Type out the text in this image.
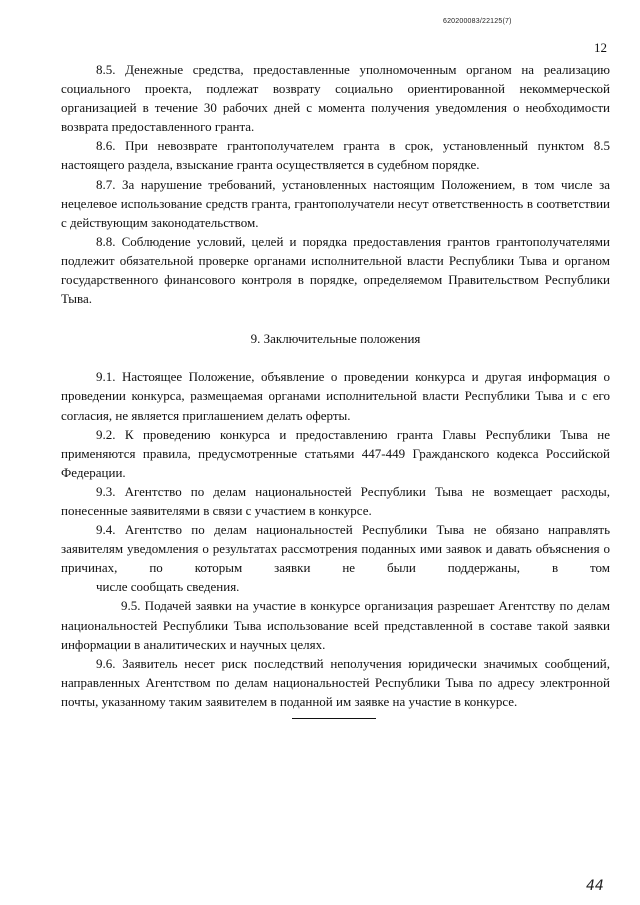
620200083/22125(7)
12

8.5. Денежные средства, предоставленные уполномоченным органом на реализацию социального проекта, подлежат возврату социально ориентированной некоммерческой организацией в течение 30 рабочих дней с момента получения уведомления о необходимости возврата предоставленного гранта.

8.6. При невозврате грантополучателем гранта в срок, установленный пунктом 8.5 настоящего раздела, взыскание гранта осуществляется в судебном порядке.

8.7. За нарушение требований, установленных настоящим Положением, в том числе за нецелевое использование средств гранта, грантополучатели несут ответственность в соответствии с действующим законодательством.

8.8. Соблюдение условий, целей и порядка предоставления грантов грантополучателями подлежит обязательной проверке органами исполнительной власти Республики Тыва и органом государственного финансового контроля в порядке, определяемом Правительством Республики Тыва.

9. Заключительные положения

9.1. Настоящее Положение, объявление о проведении конкурса и другая информация о проведении конкурса, размещаемая органами исполнительной власти Республики Тыва и с его согласия, не является приглашением делать оферты.

9.2. К проведению конкурса и предоставлению гранта Главы Республики Тыва не применяются правила, предусмотренные статьями 447-449 Гражданского кодекса Российской Федерации.

9.3. Агентство по делам национальностей Республики Тыва не возмещает расходы, понесенные заявителями в связи с участием в конкурсе.

9.4. Агентство по делам национальностей Республики Тыва не обязано направлять заявителям уведомления о результатах рассмотрения поданных ими заявок и давать объяснения о причинах, по которым заявки не были поддержаны, в том

числе сообщать сведения.

9.5. Подачей заявки на участие в конкурсе организация разрешает Агентству по делам национальностей Республики Тыва использование всей представленной в составе такой заявки информации в аналитических и научных целях.

9.6. Заявитель несет риск последствий неполучения юридически значимых сообщений, направленных Агентством по делам национальностей Республики Тыва по адресу электронной почты, указанному таким заявителем в поданной им заявке на участие в конкурсе.

44
